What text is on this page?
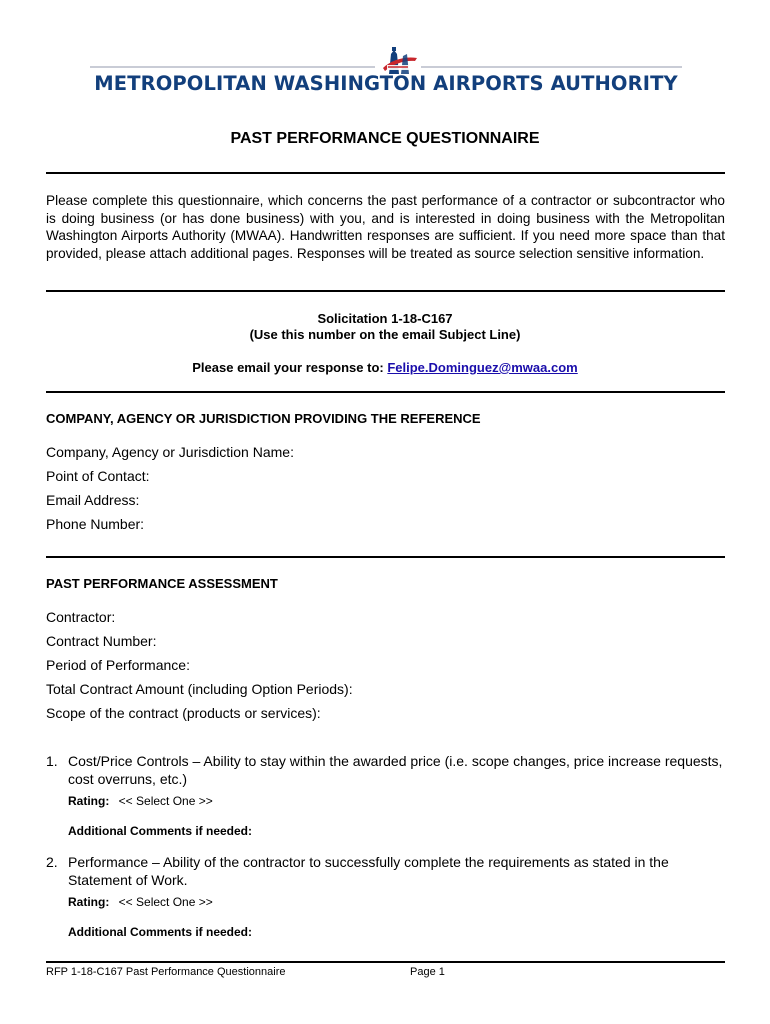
METROPOLITAN WASHINGTON AIRPORTS AUTHORITY
PAST PERFORMANCE QUESTIONNAIRE
Please complete this questionnaire, which concerns the past performance of a contractor or subcontractor who is doing business (or has done business) with you, and is interested in doing business with the Metropolitan Washington Airports Authority (MWAA). Handwritten responses are sufficient. If you need more space than that provided, please attach additional pages. Responses will be treated as source selection sensitive information.
Solicitation 1-18-C167
(Use this number on the email Subject Line)
Please email your response to: Felipe.Dominguez@mwaa.com
COMPANY, AGENCY OR JURISDICTION PROVIDING THE REFERENCE
Company, Agency or Jurisdiction Name:
Point of Contact:
Email Address:
Phone Number:
PAST PERFORMANCE ASSESSMENT
Contractor:
Contract Number:
Period of Performance:
Total Contract Amount (including Option Periods):
Scope of the contract (products or services):
1. Cost/Price Controls – Ability to stay within the awarded price (i.e. scope changes, price increase requests, cost overruns, etc.)
Rating: << Select One >>
Additional Comments if needed:
2. Performance – Ability of the contractor to successfully complete the requirements as stated in the Statement of Work.
Rating: << Select One >>
Additional Comments if needed:
RFP 1-18-C167 Past Performance Questionnaire	Page 1
